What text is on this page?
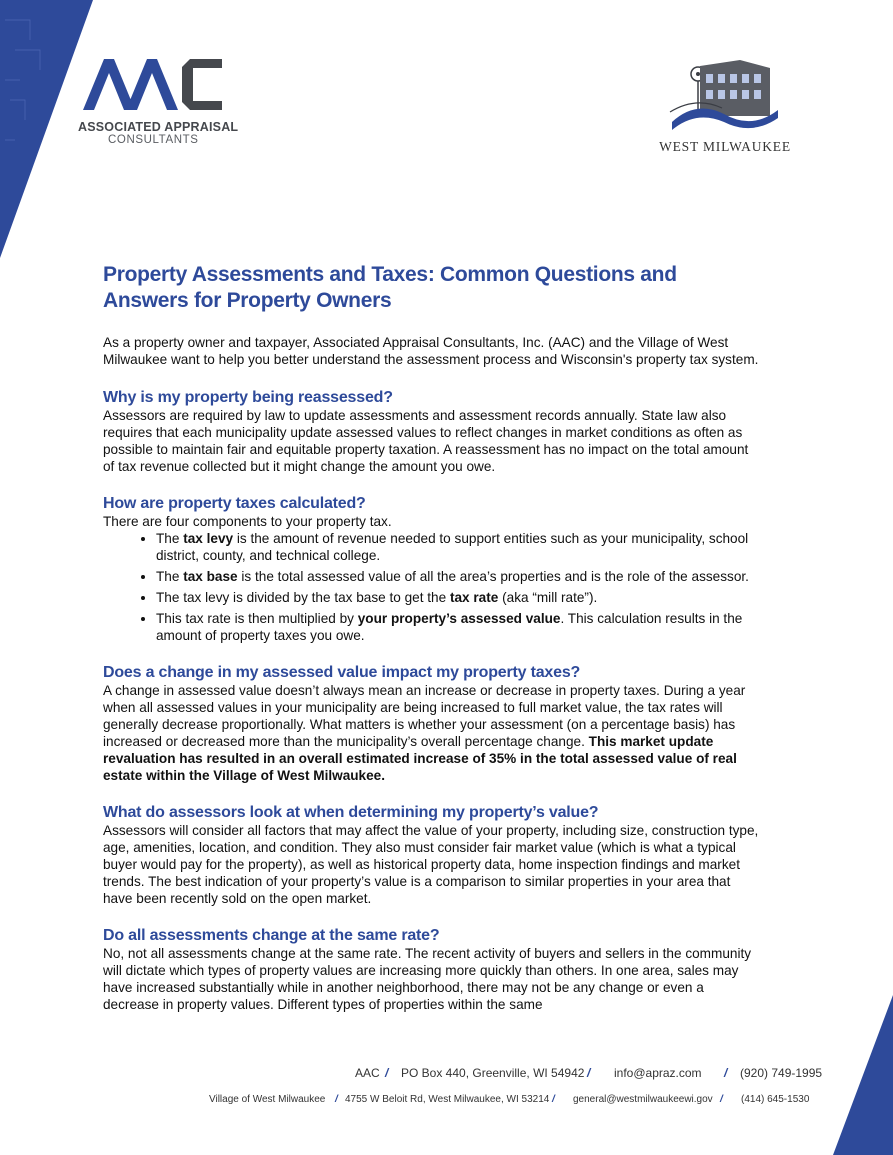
ASSOCIATED APPRAISAL
CONSULTANTS	WEST MILWAUKEE
Property Assessments and Taxes: Common Questions and Answers for Property Owners

As a property owner and taxpayer, Associated Appraisal Consultants, Inc. (AAC) and the Village of West Milwaukee want to help you better understand the assessment process and Wisconsin's property tax system.

Why is my property being reassessed?

Assessors are required by law to update assessments and assessment records annually. State law also requires that each municipality update assessed values to reflect changes in market conditions as often as possible to maintain fair and equitable property taxation. A reassessment has no impact on the total amount of tax revenue collected but it might change the amount you owe.

How are property taxes calculated?

There are four components to your property tax.

• The tax levy is the amount of revenue needed to support entities such as your municipality, school district, county, and technical college.
• The tax base is the total assessed value of all the area’s properties and is the role of the assessor.
• The tax levy is divided by the tax base to get the tax rate (aka “mill rate”).
• This tax rate is then multiplied by your property’s assessed value. This calculation results in the amount of property taxes you owe.
Does a change in my assessed value impact my property taxes?

A change in assessed value doesn’t always mean an increase or decrease in property taxes. During a year when all assessed values in your municipality are being increased to full market value, the tax rates will generally decrease proportionally. What matters is whether your assessment (on a percentage basis) has increased or decreased more than the municipality’s overall percentage change. This market update revaluation has resulted in an overall estimated increase of 35% in the total assessed value of real estate within the Village of West Milwaukee.

What do assessors look at when determining my property’s value?

Assessors will consider all factors that may affect the value of your property, including size, construction type, age, amenities, location, and condition. They also must consider fair market value (which is what a typical buyer would pay for the property), as well as historical property data, home inspection findings and market trends. The best indication of your property’s value is a comparison to similar properties in your area that have been recently sold on the open market.

Do all assessments change at the same rate?

No, not all assessments change at the same rate. The recent activity of buyers and sellers in the community will dictate which types of property values are increasing more quickly than others. In one area, sales may have increased substantially while in another neighborhood, there may not be any change or even a decrease in property values. Different types of properties within the same

AAC / PO Box 440, Greenville, WI 54942 / info@apraz.com / (920) 749-1995
Village of West Milwaukee / 4755 W Beloit Rd, West Milwaukee, WI 53214 / general@westmilwaukeewi.gov / (414) 645-1530
